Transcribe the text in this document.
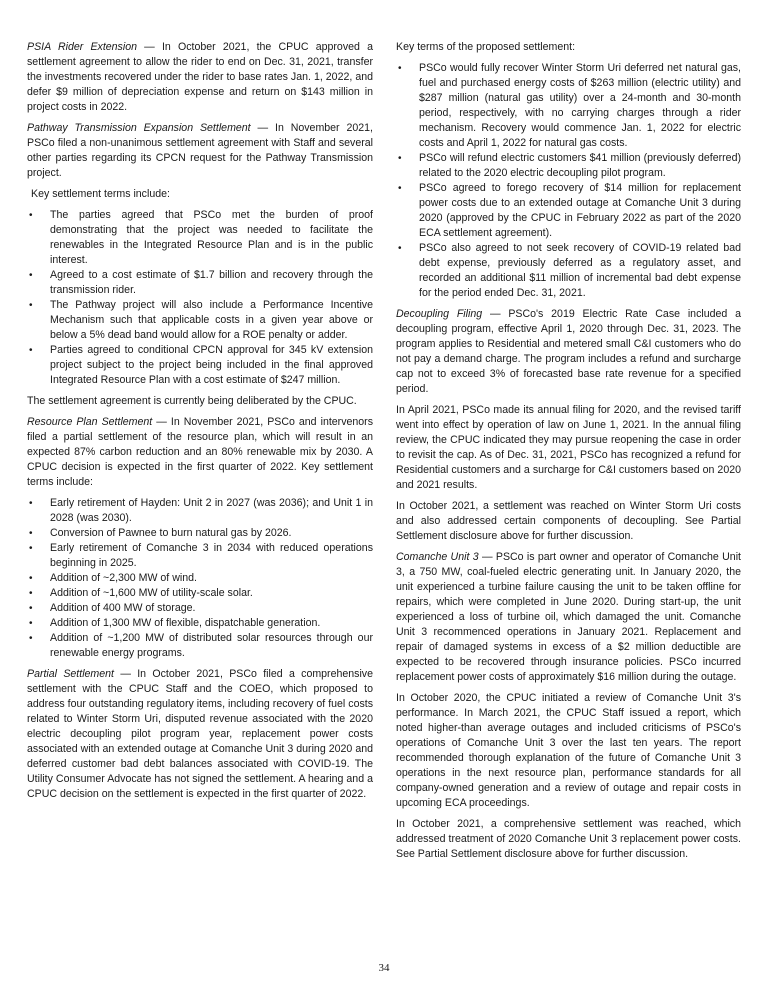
PSIA Rider Extension — In October 2021, the CPUC approved a settlement agreement to allow the rider to end on Dec. 31, 2021, transfer the investments recovered under the rider to base rates Jan. 1, 2022, and defer $9 million of depreciation expense and return on $143 million in project costs in 2022.

Pathway Transmission Expansion Settlement — In November 2021, PSCo filed a non-unanimous settlement agreement with Staff and several other parties regarding its CPCN request for the Pathway Transmission project.

Key settlement terms include:

• The parties agreed that PSCo met the burden of proof demonstrating that the project was needed to facilitate the renewables in the Integrated Resource Plan and is in the public interest.
• Agreed to a cost estimate of $1.7 billion and recovery through the transmission rider.
• The Pathway project will also include a Performance Incentive Mechanism such that applicable costs in a given year above or below a 5% dead band would allow for a ROE penalty or adder.
• Parties agreed to conditional CPCN approval for 345 kV extension project subject to the project being included in the final approved Integrated Resource Plan with a cost estimate of $247 million.

The settlement agreement is currently being deliberated by the CPUC.

Resource Plan Settlement — In November 2021, PSCo and intervenors filed a partial settlement of the resource plan, which will result in an expected 87% carbon reduction and an 80% renewable mix by 2030. A CPUC decision is expected in the first quarter of 2022. Key settlement terms include:

• Early retirement of Hayden: Unit 2 in 2027 (was 2036); and Unit 1 in 2028 (was 2030).
• Conversion of Pawnee to burn natural gas by 2026.
• Early retirement of Comanche 3 in 2034 with reduced operations beginning in 2025.
• Addition of ~2,300 MW of wind.
• Addition of ~1,600 MW of utility-scale solar.
• Addition of 400 MW of storage.
• Addition of 1,300 MW of flexible, dispatchable generation.
• Addition of ~1,200 MW of distributed solar resources through our renewable energy programs.

Partial Settlement — In October 2021, PSCo filed a comprehensive settlement with the CPUC Staff and the COEO, which proposed to address four outstanding regulatory items, including recovery of fuel costs related to Winter Storm Uri, disputed revenue associated with the 2020 electric decoupling pilot program year, replacement power costs associated with an extended outage at Comanche Unit 3 during 2020 and deferred customer bad debt balances associated with COVID-19. The Utility Consumer Advocate has not signed the settlement. A hearing and a CPUC decision on the settlement is expected in the first quarter of 2022.

Key terms of the proposed settlement:

• PSCo would fully recover Winter Storm Uri deferred net natural gas, fuel and purchased energy costs of $263 million (electric utility) and $287 million (natural gas utility) over a 24-month and 30-month period, respectively, with no carrying charges through a rider mechanism. Recovery would commence Jan. 1, 2022 for electric costs and April 1, 2022 for natural gas costs.
• PSCo will refund electric customers $41 million (previously deferred) related to the 2020 electric decoupling pilot program.
• PSCo agreed to forego recovery of $14 million for replacement power costs due to an extended outage at Comanche Unit 3 during 2020 (approved by the CPUC in February 2022 as part of the 2020 ECA settlement agreement).
• PSCo also agreed to not seek recovery of COVID-19 related bad debt expense, previously deferred as a regulatory asset, and recorded an additional $11 million of incremental bad debt expense for the period ended Dec. 31, 2021.

Decoupling Filing — PSCo's 2019 Electric Rate Case included a decoupling program, effective April 1, 2020 through Dec. 31, 2023. The program applies to Residential and metered small C&I customers who do not pay a demand charge. The program includes a refund and surcharge cap not to exceed 3% of forecasted base rate revenue for a specified period.

In April 2021, PSCo made its annual filing for 2020, and the revised tariff went into effect by operation of law on June 1, 2021. In the annual filing review, the CPUC indicated they may pursue reopening the case in order to revisit the cap. As of Dec. 31, 2021, PSCo has recognized a refund for Residential customers and a surcharge for C&I customers based on 2020 and 2021 results.

In October 2021, a settlement was reached on Winter Storm Uri costs and also addressed certain components of decoupling. See Partial Settlement disclosure above for further discussion.

Comanche Unit 3 — PSCo is part owner and operator of Comanche Unit 3, a 750 MW, coal-fueled electric generating unit. In January 2020, the unit experienced a turbine failure causing the unit to be taken offline for repairs, which were completed in June 2020. During start-up, the unit experienced a loss of turbine oil, which damaged the unit. Comanche Unit 3 recommenced operations in January 2021. Replacement and repair of damaged systems in excess of a $2 million deductible are expected to be recovered through insurance policies. PSCo incurred replacement power costs of approximately $16 million during the outage.

In October 2020, the CPUC initiated a review of Comanche Unit 3's performance. In March 2021, the CPUC Staff issued a report, which noted higher-than average outages and included criticisms of PSCo's operations of Comanche Unit 3 over the last ten years. The report recommended thorough explanation of the future of Comanche Unit 3 operations in the next resource plan, performance standards for all company-owned generation and a review of outage and repair costs in upcoming ECA proceedings.

In October 2021, a comprehensive settlement was reached, which addressed treatment of 2020 Comanche Unit 3 replacement power costs. See Partial Settlement disclosure above for further discussion.

34
